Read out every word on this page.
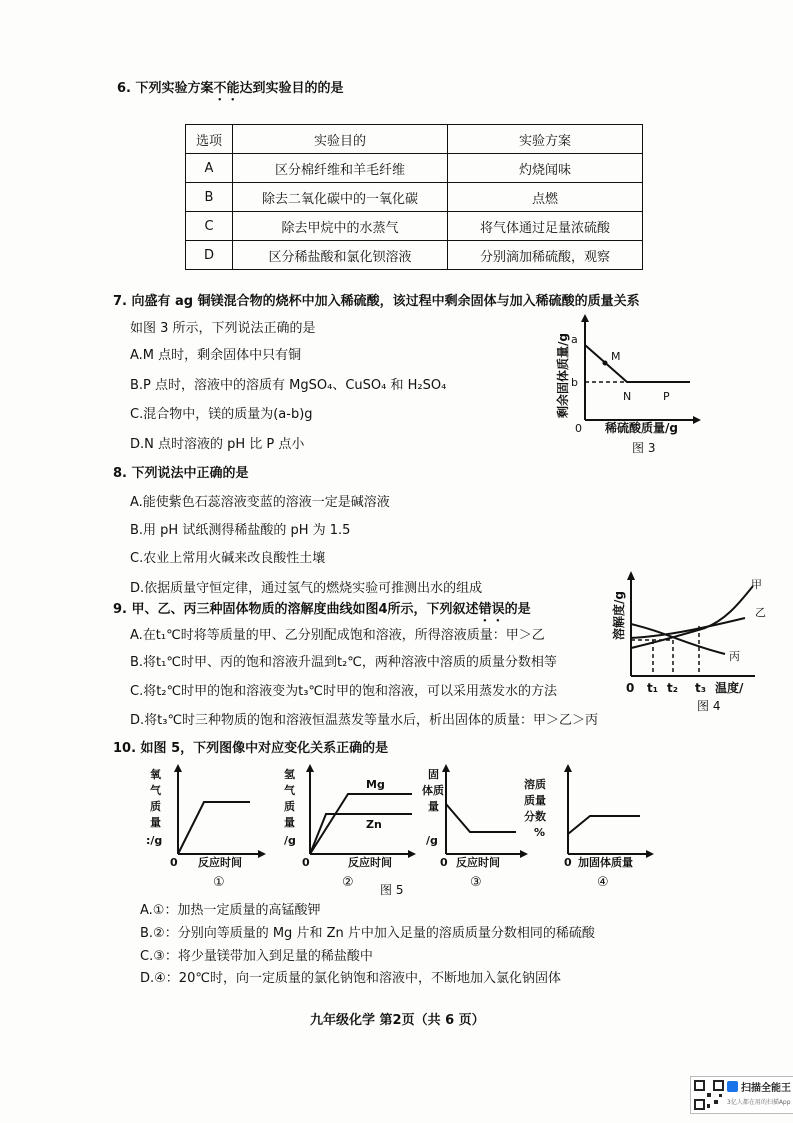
6. 下列实验方案不能达到实验目的的是
选项	实验目的	实验方案
A	区分棉纤维和羊毛纤维	灼烧闻味
B	除去二氧化碳中的一氧化碳	点燃
C	除去甲烷中的水蒸气	将气体通过足量浓硫酸
D	区分稀盐酸和氯化钡溶液	分别滴加稀硫酸，观察
7. 向盛有 ag 铜镁混合物的烧杯中加入稀硫酸，该过程中剩余固体与加入稀硫酸的质量关系
如图 3 所示，下列说法正确的是
A.M 点时，剩余固体中只有铜
B.P 点时，溶液中的溶质有 MgSO₄、CuSO₄ 和 H₂SO₄
C.混合物中，镁的质量为(a-b)g
D.N 点时溶液的 pH 比 P 点小
a
b
M
N	P
0 稀硫酸质量/g
剩余固体质量/g
图 3
8. 下列说法中正确的是
A.能使紫色石蕊溶液变蓝的溶液一定是碱溶液
B.用 pH 试纸测得稀盐酸的 pH 为 1.5
C.农业上常用火碱来改良酸性土壤
D.依据质量守恒定律，通过氢气的燃烧实验可推测出水的组成
9. 甲、乙、丙三种固体物质的溶解度曲线如图4所示，下列叙述错误的是
A.在t₁℃时将等质量的甲、乙分别配成饱和溶液，所得溶液质量：甲＞乙
B.将t₁℃时甲、丙的饱和溶液升温到t₂℃，两种溶液中溶质的质量分数相等
C.将t₂℃时甲的饱和溶液变为t₃℃时甲的饱和溶液，可以采用蒸发水的方法
D.将t₃℃时三种物质的饱和溶液恒温蒸发等量水后，析出固体的质量：甲＞乙＞丙
甲
乙
丙
0 t₁ t₂ t₃ 温度/
溶解度/g
图 4
10. 如图 5，下列图像中对应变化关系正确的是
氧
气
质
量
:/g
0 反应时间
①
Mg
Zn
氢
气
质
量
/g
0	反应时间
②
固
体质
量
/g
0 反应时间
③
溶质
质量
分数
%
0 加固体质量
④
图 5
A.①：加热一定质量的高锰酸钾
B.②：分别向等质量的 Mg 片和 Zn 片中加入足量的溶质质量分数相同的稀硫酸
C.③：将少量镁带加入到足量的稀盐酸中
D.④：20℃时，向一定质量的氯化钠饱和溶液中，不断地加入氯化钠固体
九年级化学 第2页（共 6 页）
扫描全能王
3亿人都在用的扫描App
